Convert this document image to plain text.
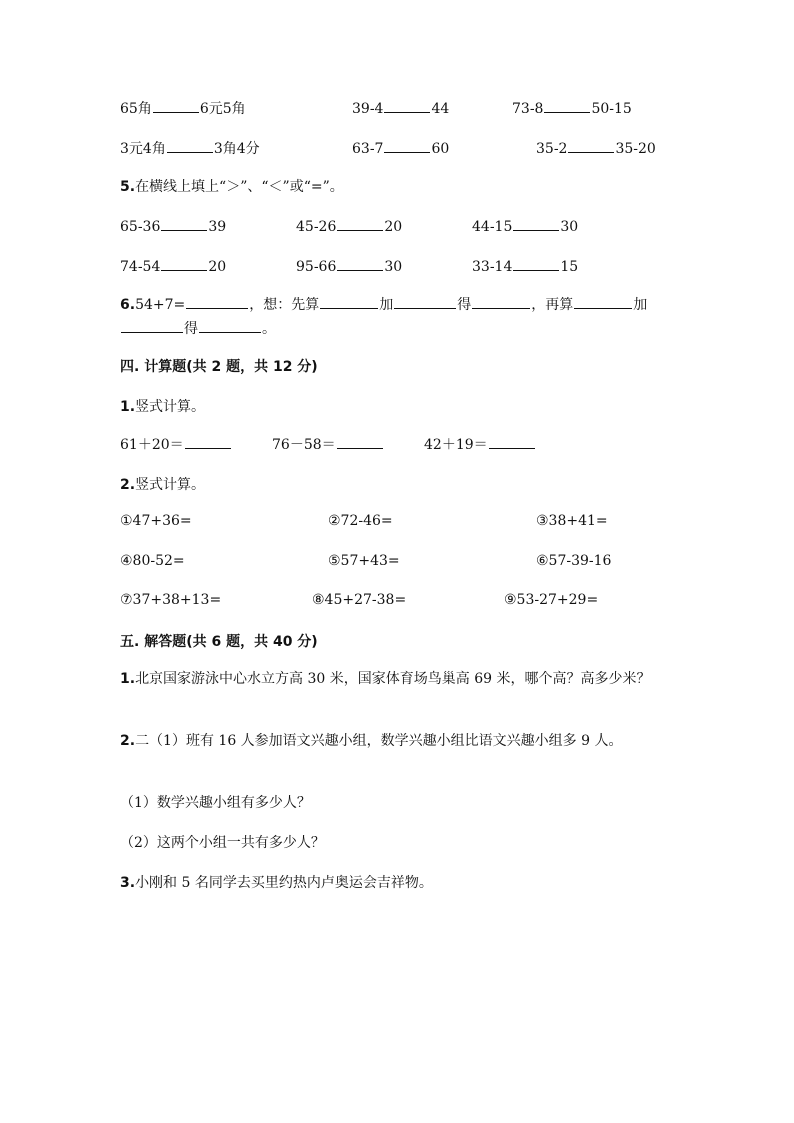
65角	6元5角	39-4	44	73-8	50-15
3元4角	3角4分	63-7	60	35-2	35-20
5.在横线上填上“＞”、“＜”或“=”。
65-36	39	45-26	20	44-15	30
74-54	20	95-66	30	33-14	15
6.54+7=	，想：先算	加	得	，再算	加
得	。
四. 计算题(共 2 题，共 12 分)
1.竖式计算。
61＋20＝	76－58＝	42＋19＝
2.竖式计算。
①47+36=	②72-46=	③38+41=
④80-52=	⑤57+43=	⑥57-39-16
⑦37+38+13=	⑧45+27-38=	⑨53-27+29=
五. 解答题(共 6 题，共 40 分)
1.北京国家游泳中心水立方高 30 米，国家体育场鸟巢高 69 米，哪个高？高多少米？
2.二（1）班有 16 人参加语文兴趣小组，数学兴趣小组比语文兴趣小组多 9 人。
（1）数学兴趣小组有多少人？
（2）这两个小组一共有多少人？
3.小刚和 5 名同学去买里约热内卢奥运会吉祥物。
